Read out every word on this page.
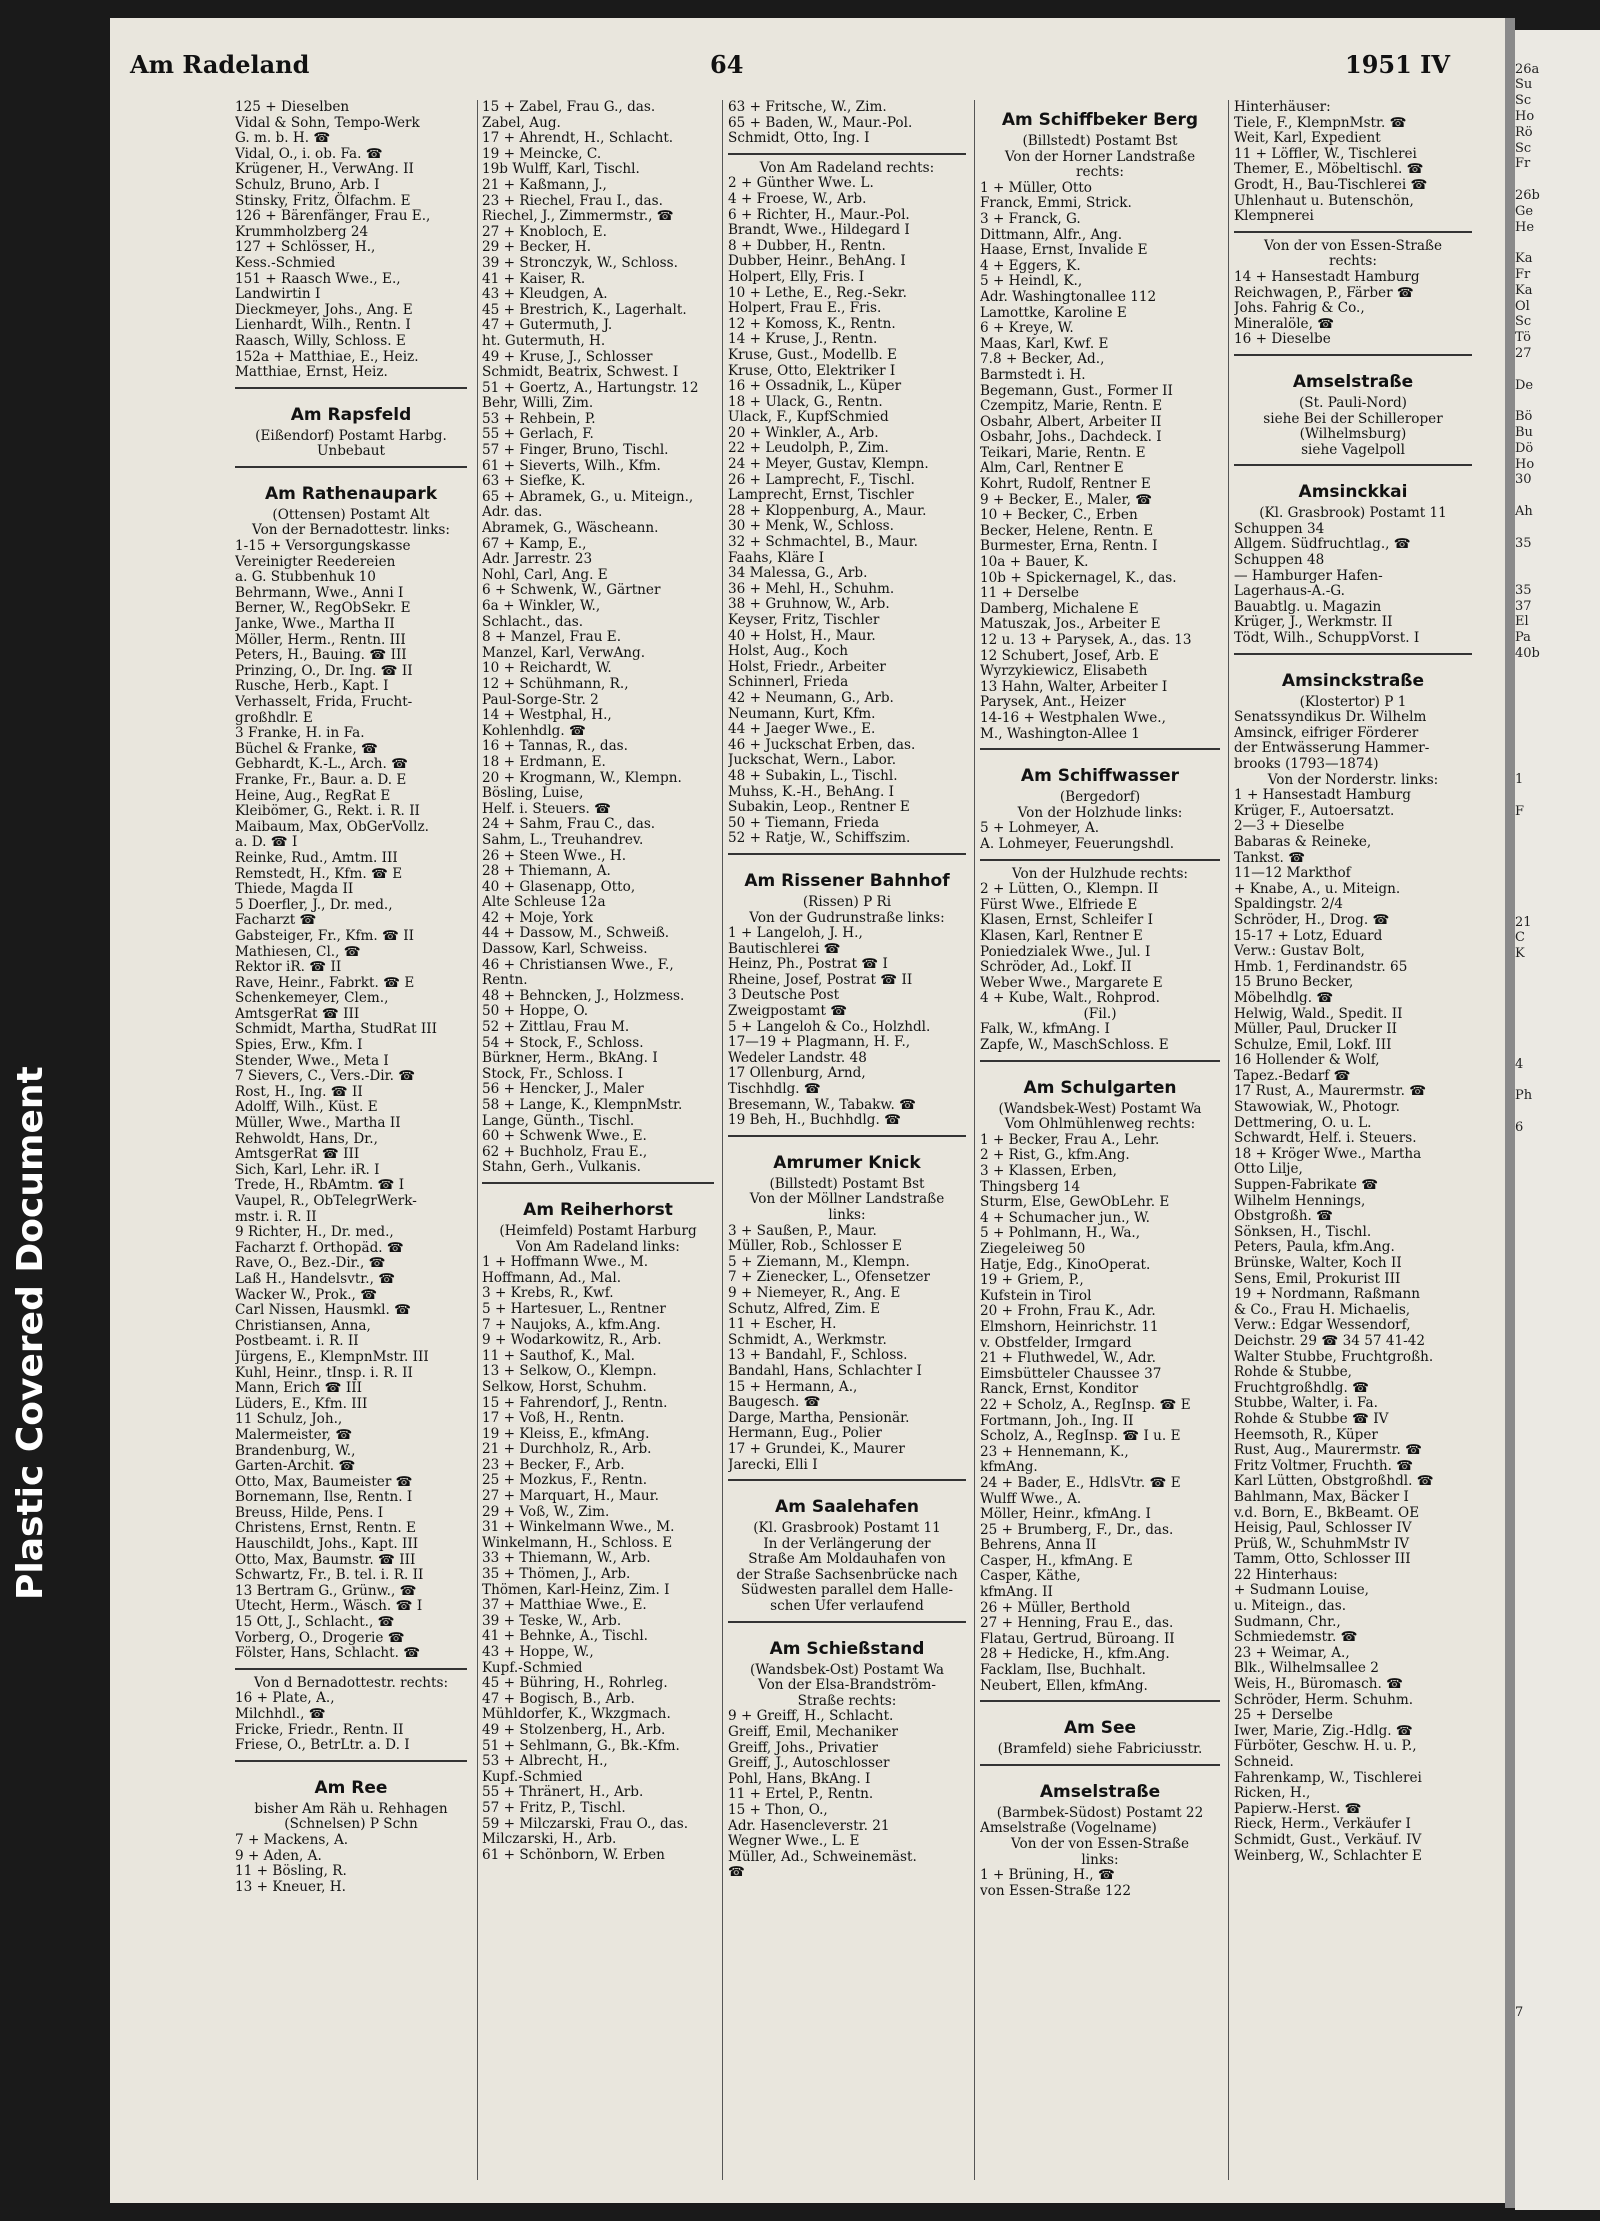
26a
Su
Sc
Ho
Rö
Sc
Fr
26b
Ge
He
Ka
Fr
Ka
Ol
Sc
Tö
27
De
Bö
Bu
Dö
Ho
30
Ah
35
35
37
El
Pa
40b
1
F
21
C
K
4
Ph
6
7
Plastic Covered Document
Am Radeland	64	1951 IV
125 + Dieselben
Vidal & Sohn, Tempo-Werk
G. m. b. H. ☎
Vidal, O., i. ob. Fa. ☎
Krügener, H., VerwAng. II
Schulz, Bruno, Arb. I
Stinsky, Fritz, Ölfachm. E
126 + Bärenfänger, Frau E.,
Krummholzberg 24
127 + Schlösser, H.,
Kess.-Schmied
151 + Raasch Wwe., E.,
Landwirtin I
Dieckmeyer, Johs., Ang. E
Lienhardt, Wilh., Rentn. I
Raasch, Willy, Schloss. E
152a + Matthiae, E., Heiz.
Matthiae, Ernst, Heiz.
Am Rapsfeld
(Eißendorf) Postamt Harbg.
Unbebaut
Am Rathenaupark
(Ottensen) Postamt Alt
Von der Bernadottestr. links:
1-15 + Versorgungskasse
Vereinigter Reedereien
a. G. Stubbenhuk 10
Behrmann, Wwe., Anni I
Berner, W., RegObSekr. E
Janke, Wwe., Martha II
Möller, Herm., Rentn. III
Peters, H., Bauing. ☎ III
Prinzing, O., Dr. Ing. ☎ II
Rusche, Herb., Kapt. I
Verhasselt, Frida, Frucht-
großhdlr. E
3 Franke, H. in Fa.
Büchel & Franke, ☎
Gebhardt, K.-L., Arch. ☎
Franke, Fr., Baur. a. D. E
Heine, Aug., RegRat E
Kleibömer, G., Rekt. i. R. II
Maibaum, Max, ObGerVollz.
a. D. ☎ I
Reinke, Rud., Amtm. III
Remstedt, H., Kfm. ☎ E
Thiede, Magda II
5 Doerfler, J., Dr. med.,
Facharzt ☎
Gabsteiger, Fr., Kfm. ☎ II
Mathiesen, Cl., ☎
Rektor iR. ☎ II
Rave, Heinr., Fabrkt. ☎ E
Schenkemeyer, Clem.,
AmtsgerRat ☎ III
Schmidt, Martha, StudRat III
Spies, Erw., Kfm. I
Stender, Wwe., Meta I
7 Sievers, C., Vers.-Dir. ☎
Rost, H., Ing. ☎ II
Adolff, Wilh., Küst. E
Müller, Wwe., Martha II
Rehwoldt, Hans, Dr.,
AmtsgerRat ☎ III
Sich, Karl, Lehr. iR. I
Trede, H., RbAmtm. ☎ I
Vaupel, R., ObTelegrWerk-
mstr. i. R. II
9 Richter, H., Dr. med.,
Facharzt f. Orthopäd. ☎
Rave, O., Bez.-Dir., ☎
Laß H., Handelsvtr., ☎
Wacker W., Prok., ☎
Carl Nissen, Hausmkl. ☎
Christiansen, Anna,
Postbeamt. i. R. II
Jürgens, E., KlempnMstr. III
Kuhl, Heinr., tInsp. i. R. II
Mann, Erich ☎ III
Lüders, E., Kfm. III
11 Schulz, Joh.,
Malermeister, ☎
Brandenburg, W.,
Garten-Archit. ☎
Otto, Max, Baumeister ☎
Bornemann, Ilse, Rentn. I
Breuss, Hilde, Pens. I
Christens, Ernst, Rentn. E
Hauschildt, Johs., Kapt. III
Otto, Max, Baumstr. ☎ III
Schwartz, Fr., B. tel. i. R. II
13 Bertram G., Grünw., ☎
Utecht, Herm., Wäsch. ☎ I
15 Ott, J., Schlacht., ☎
Vorberg, O., Drogerie ☎
Fölster, Hans, Schlacht. ☎
Von d Bernadottestr. rechts:
16 + Plate, A.,
Milchhdl., ☎
Fricke, Friedr., Rentn. II
Friese, O., BetrLtr. a. D. I
Am Ree
bisher Am Räh u. Rehhagen
(Schnelsen) P Schn
7 + Mackens, A.
9 + Aden, A.
11 + Bösling, R.
13 + Kneuer, H.
15 + Zabel, Frau G., das.
Zabel, Aug.
17 + Ahrendt, H., Schlacht.
19 + Meincke, C.
19b Wulff, Karl, Tischl.
21 + Kaßmann, J.,
23 + Riechel, Frau I., das.
Riechel, J., Zimmermstr., ☎
27 + Knobloch, E.
29 + Becker, H.
39 + Stronczyk, W., Schloss.
41 + Kaiser, R.
43 + Kleudgen, A.
45 + Brestrich, K., Lagerhalt.
47 + Gutermuth, J.
ht. Gutermuth, H.
49 + Kruse, J., Schlosser
Schmidt, Beatrix, Schwest. I
51 + Goertz, A., Hartungstr. 12
Behr, Willi, Zim.
53 + Rehbein, P.
55 + Gerlach, F.
57 + Finger, Bruno, Tischl.
61 + Sieverts, Wilh., Kfm.
63 + Siefke, K.
65 + Abramek, G., u. Miteign.,
Adr. das.
Abramek, G., Wäscheann.
67 + Kamp, E.,
Adr. Jarrestr. 23
Nohl, Carl, Ang. E
6 + Schwenk, W., Gärtner
6a + Winkler, W.,
Schlacht., das.
8 + Manzel, Frau E.
Manzel, Karl, VerwAng.
10 + Reichardt, W.
12 + Schühmann, R.,
Paul-Sorge-Str. 2
14 + Westphal, H.,
Kohlenhdlg. ☎
16 + Tannas, R., das.
18 + Erdmann, E.
20 + Krogmann, W., Klempn.
Bösling, Luise,
Helf. i. Steuers. ☎
24 + Sahm, Frau C., das.
Sahm, L., Treuhandrev.
26 + Steen Wwe., H.
28 + Thiemann, A.
40 + Glasenapp, Otto,
Alte Schleuse 12a
42 + Moje, York
44 + Dassow, M., Schweiß.
Dassow, Karl, Schweiss.
46 + Christiansen Wwe., F.,
Rentn.
48 + Behncken, J., Holzmess.
50 + Hoppe, O.
52 + Zittlau, Frau M.
54 + Stock, F., Schloss.
Bürkner, Herm., BkAng. I
Stock, Fr., Schloss. I
56 + Hencker, J., Maler
58 + Lange, K., KlempnMstr.
Lange, Günth., Tischl.
60 + Schwenk Wwe., E.
62 + Buchholz, Frau E.,
Stahn, Gerh., Vulkanis.
Am Reiherhorst
(Heimfeld) Postamt Harburg
Von Am Radeland links:
1 + Hoffmann Wwe., M.
Hoffmann, Ad., Mal.
3 + Krebs, R., Kwf.
5 + Hartesuer, L., Rentner
7 + Naujoks, A., kfm.Ang.
9 + Wodarkowitz, R., Arb.
11 + Sauthof, K., Mal.
13 + Selkow, O., Klempn.
Selkow, Horst, Schuhm.
15 + Fahrendorf, J., Rentn.
17 + Voß, H., Rentn.
19 + Kleiss, E., kfmAng.
21 + Durchholz, R., Arb.
23 + Becker, F., Arb.
25 + Mozkus, F., Rentn.
27 + Marquart, H., Maur.
29 + Voß, W., Zim.
31 + Winkelmann Wwe., M.
Winkelmann, H., Schloss. E
33 + Thiemann, W., Arb.
35 + Thömen, J., Arb.
Thömen, Karl-Heinz, Zim. I
37 + Matthiae Wwe., E.
39 + Teske, W., Arb.
41 + Behnke, A., Tischl.
43 + Hoppe, W.,
Kupf.-Schmied
45 + Bühring, H., Rohrleg.
47 + Bogisch, B., Arb.
Mühldorfer, K., Wkzgmach.
49 + Stolzenberg, H., Arb.
51 + Sehlmann, G., Bk.-Kfm.
53 + Albrecht, H.,
Kupf.-Schmied
55 + Thränert, H., Arb.
57 + Fritz, P., Tischl.
59 + Milczarski, Frau O., das.
Milczarski, H., Arb.
61 + Schönborn, W. Erben
63 + Fritsche, W., Zim.
65 + Baden, W., Maur.-Pol.
Schmidt, Otto, Ing. I
Von Am Radeland rechts:
2 + Günther Wwe. L.
4 + Froese, W., Arb.
6 + Richter, H., Maur.-Pol.
Brandt, Wwe., Hildegard I
8 + Dubber, H., Rentn.
Dubber, Heinr., BehAng. I
Holpert, Elly, Fris. I
10 + Lethe, E., Reg.-Sekr.
Holpert, Frau E., Fris.
12 + Komoss, K., Rentn.
14 + Kruse, J., Rentn.
Kruse, Gust., Modellb. E
Kruse, Otto, Elektriker I
16 + Ossadnik, L., Küper
18 + Ulack, G., Rentn.
Ulack, F., KupfSchmied
20 + Winkler, A., Arb.
22 + Leudolph, P., Zim.
24 + Meyer, Gustav, Klempn.
26 + Lamprecht, F., Tischl.
Lamprecht, Ernst, Tischler
28 + Kloppenburg, A., Maur.
30 + Menk, W., Schloss.
32 + Schmachtel, B., Maur.
Faahs, Kläre I
34 Malessa, G., Arb.
36 + Mehl, H., Schuhm.
38 + Gruhnow, W., Arb.
Keyser, Fritz, Tischler
40 + Holst, H., Maur.
Holst, Aug., Koch
Holst, Friedr., Arbeiter
Schinnerl, Frieda
42 + Neumann, G., Arb.
Neumann, Kurt, Kfm.
44 + Jaeger Wwe., E.
46 + Juckschat Erben, das.
Juckschat, Wern., Labor.
48 + Subakin, L., Tischl.
Muhss, K.-H., BehAng. I
Subakin, Leop., Rentner E
50 + Tiemann, Frieda
52 + Ratje, W., Schiffszim.
Am Rissener Bahnhof
(Rissen) P Ri
Von der Gudrunstraße links:
1 + Langeloh, J. H.,
Bautischlerei ☎
Heinz, Ph., Postrat ☎ I
Rheine, Josef, Postrat ☎ II
3 Deutsche Post
Zweigpostamt ☎
5 + Langeloh & Co., Holzhdl.
17—19 + Plagmann, H. F.,
Wedeler Landstr. 48
17 Ollenburg, Arnd,
Tischhdlg. ☎
Bresemann, W., Tabakw. ☎
19 Beh, H., Buchhdlg. ☎
Amrumer Knick
(Billstedt) Postamt Bst
Von der Möllner Landstraße
links:
3 + Saußen, P., Maur.
Müller, Rob., Schlosser E
5 + Ziemann, M., Klempn.
7 + Zienecker, L., Ofensetzer
9 + Niemeyer, R., Ang. E
Schutz, Alfred, Zim. E
11 + Escher, H.
Schmidt, A., Werkmstr.
13 + Bandahl, F., Schloss.
Bandahl, Hans, Schlachter I
15 + Hermann, A.,
Baugesch. ☎
Darge, Martha, Pensionär.
Hermann, Eug., Polier
17 + Grundei, K., Maurer
Jarecki, Elli I
Am Saalehafen
(Kl. Grasbrook) Postamt 11
In der Verlängerung der
Straße Am Moldauhafen von
der Straße Sachsenbrücke nach
Südwesten parallel dem Halle-
schen Ufer verlaufend
Am Schießstand
(Wandsbek-Ost) Postamt Wa
Von der Elsa-Brandström-
Straße rechts:
9 + Greiff, H., Schlacht.
Greiff, Emil, Mechaniker
Greiff, Johs., Privatier
Greiff, J., Autoschlosser
Pohl, Hans, BkAng. I
11 + Ertel, P., Rentn.
15 + Thon, O.,
Adr. Hasencleverstr. 21
Wegner Wwe., L. E
Müller, Ad., Schweinemäst.
☎
Am Schiffbeker Berg
(Billstedt) Postamt Bst
Von der Horner Landstraße
rechts:
1 + Müller, Otto
Franck, Emmi, Strick.
3 + Franck, G.
Dittmann, Alfr., Ang.
Haase, Ernst, Invalide E
4 + Eggers, K.
5 + Heindl, K.,
Adr. Washingtonallee 112
Lamottke, Karoline E
6 + Kreye, W.
Maas, Karl, Kwf. E
7.8 + Becker, Ad.,
Barmstedt i. H.
Begemann, Gust., Former II
Czempitz, Marie, Rentn. E
Osbahr, Albert, Arbeiter II
Osbahr, Johs., Dachdeck. I
Teikari, Marie, Rentn. E
Alm, Carl, Rentner E
Kohrt, Rudolf, Rentner E
9 + Becker, E., Maler, ☎
10 + Becker, C., Erben
Becker, Helene, Rentn. E
Burmester, Erna, Rentn. I
10a + Bauer, K.
10b + Spickernagel, K., das.
11 + Derselbe
Damberg, Michalene E
Matuszak, Jos., Arbeiter E
12 u. 13 + Parysek, A., das. 13
12 Schubert, Josef, Arb. E
Wyrzykiewicz, Elisabeth
13 Hahn, Walter, Arbeiter I
Parysek, Ant., Heizer
14-16 + Westphalen Wwe.,
M., Washington-Allee 1
Am Schiffwasser
(Bergedorf)
Von der Holzhude links:
5 + Lohmeyer, A.
A. Lohmeyer, Feuerungshdl.
Von der Hulzhude rechts:
2 + Lütten, O., Klempn. II
Fürst Wwe., Elfriede E
Klasen, Ernst, Schleifer I
Klasen, Karl, Rentner E
Poniedzialek Wwe., Jul. I
Schröder, Ad., Lokf. II
Weber Wwe., Margarete E
4 + Kube, Walt., Rohprod.
(Fil.)
Falk, W., kfmAng. I
Zapfe, W., MaschSchloss. E
Am Schulgarten
(Wandsbek-West) Postamt Wa
Vom Ohlmühlenweg rechts:
1 + Becker, Frau A., Lehr.
2 + Rist, G., kfm.Ang.
3 + Klassen, Erben,
Thingsberg 14
Sturm, Else, GewObLehr. E
4 + Schumacher jun., W.
5 + Pohlmann, H., Wa.,
Ziegeleiweg 50
Hatje, Edg., KinoOperat.
19 + Griem, P.,
Kufstein in Tirol
20 + Frohn, Frau K., Adr.
Elmshorn, Heinrichstr. 11
v. Obstfelder, Irmgard
21 + Fluthwedel, W., Adr.
Eimsbütteler Chaussee 37
Ranck, Ernst, Konditor
22 + Scholz, A., RegInsp. ☎ E
Fortmann, Joh., Ing. II
Scholz, A., RegInsp. ☎ I u. E
23 + Hennemann, K.,
kfmAng.
24 + Bader, E., HdlsVtr. ☎ E
Wulff Wwe., A.
Möller, Heinr., kfmAng. I
25 + Brumberg, F., Dr., das.
Behrens, Anna II
Casper, H., kfmAng. E
Casper, Käthe,
kfmAng. II
26 + Müller, Berthold
27 + Henning, Frau E., das.
Flatau, Gertrud, Büroang. II
28 + Hedicke, H., kfm.Ang.
Facklam, Ilse, Buchhalt.
Neubert, Ellen, kfmAng.
Am See
(Bramfeld) siehe Fabriciusstr.
Amselstraße
(Barmbek-Südost) Postamt 22
Amselstraße (Vogelname)
Von der von Essen-Straße
links:
1 + Brüning, H., ☎
von Essen-Straße 122
Hinterhäuser:
Tiele, F., KlempnMstr. ☎
Weit, Karl, Expedient
11 + Löffler, W., Tischlerei
Themer, E., Möbeltischl. ☎
Grodt, H., Bau-Tischlerei ☎
Uhlenhaut u. Butenschön,
Klempnerei
Von der von Essen-Straße
rechts:
14 + Hansestadt Hamburg
Reichwagen, P., Färber ☎
Johs. Fahrig & Co.,
Mineralöle, ☎
16 + Dieselbe
Amselstraße
(St. Pauli-Nord)
siehe Bei der Schilleroper
(Wilhelmsburg)
siehe Vagelpoll
Amsinckkai
(Kl. Grasbrook) Postamt 11
Schuppen 34
Allgem. Südfruchtlag., ☎
Schuppen 48
— Hamburger Hafen-
Lagerhaus-A.-G.
Bauabtlg. u. Magazin
Krüger, J., Werkmstr. II
Tödt, Wilh., SchuppVorst. I
Amsinckstraße
(Klostertor) P 1
Senatssyndikus Dr. Wilhelm
Amsinck, eifriger Förderer
der Entwässerung Hammer-
brooks (1793—1874)
Von der Norderstr. links:
1 + Hansestadt Hamburg
Krüger, F., Autoersatzt.
2—3 + Dieselbe
Babaras & Reineke,
Tankst. ☎
11—12 Markthof
+ Knabe, A., u. Miteign.
Spaldingstr. 2/4
Schröder, H., Drog. ☎
15-17 + Lotz, Eduard
Verw.: Gustav Bolt,
Hmb. 1, Ferdinandstr. 65
15 Bruno Becker,
Möbelhdlg. ☎
Helwig, Wald., Spedit. II
Müller, Paul, Drucker II
Schulze, Emil, Lokf. III
16 Hollender & Wolf,
Tapez.-Bedarf ☎
17 Rust, A., Maurermstr. ☎
Stawowiak, W., Photogr.
Dettmering, O. u. L.
Schwardt, Helf. i. Steuers.
18 + Kröger Wwe., Martha
Otto Lilje,
Suppen-Fabrikate ☎
Wilhelm Hennings,
Obstgroßh. ☎
Sönksen, H., Tischl.
Peters, Paula, kfm.Ang.
Brünske, Walter, Koch II
Sens, Emil, Prokurist III
19 + Nordmann, Raßmann
& Co., Frau H. Michaelis,
Verw.: Edgar Wessendorf,
Deichstr. 29 ☎ 34 57 41-42
Walter Stubbe, Fruchtgroßh.
Rohde & Stubbe,
Fruchtgroßhdlg. ☎
Stubbe, Walter, i. Fa.
Rohde & Stubbe ☎ IV
Heemsoth, R., Küper
Rust, Aug., Maurermstr. ☎
Fritz Voltmer, Fruchth. ☎
Karl Lütten, Obstgroßhdl. ☎
Bahlmann, Max, Bäcker I
v.d. Born, E., BkBeamt. OE
Heisig, Paul, Schlosser IV
Prüß, W., SchuhmMstr IV
Tamm, Otto, Schlosser III
22 Hinterhaus:
+ Sudmann Louise,
u. Miteign., das.
Sudmann, Chr.,
Schmiedemstr. ☎
23 + Weimar, A.,
Blk., Wilhelmsallee 2
Weis, H., Büromasch. ☎
Schröder, Herm. Schuhm.
25 + Derselbe
Iwer, Marie, Zig.-Hdlg. ☎
Fürböter, Geschw. H. u. P.,
Schneid.
Fahrenkamp, W., Tischlerei
Ricken, H.,
Papierw.-Herst. ☎
Rieck, Herm., Verkäufer I
Schmidt, Gust., Verkäuf. IV
Weinberg, W., Schlachter E
